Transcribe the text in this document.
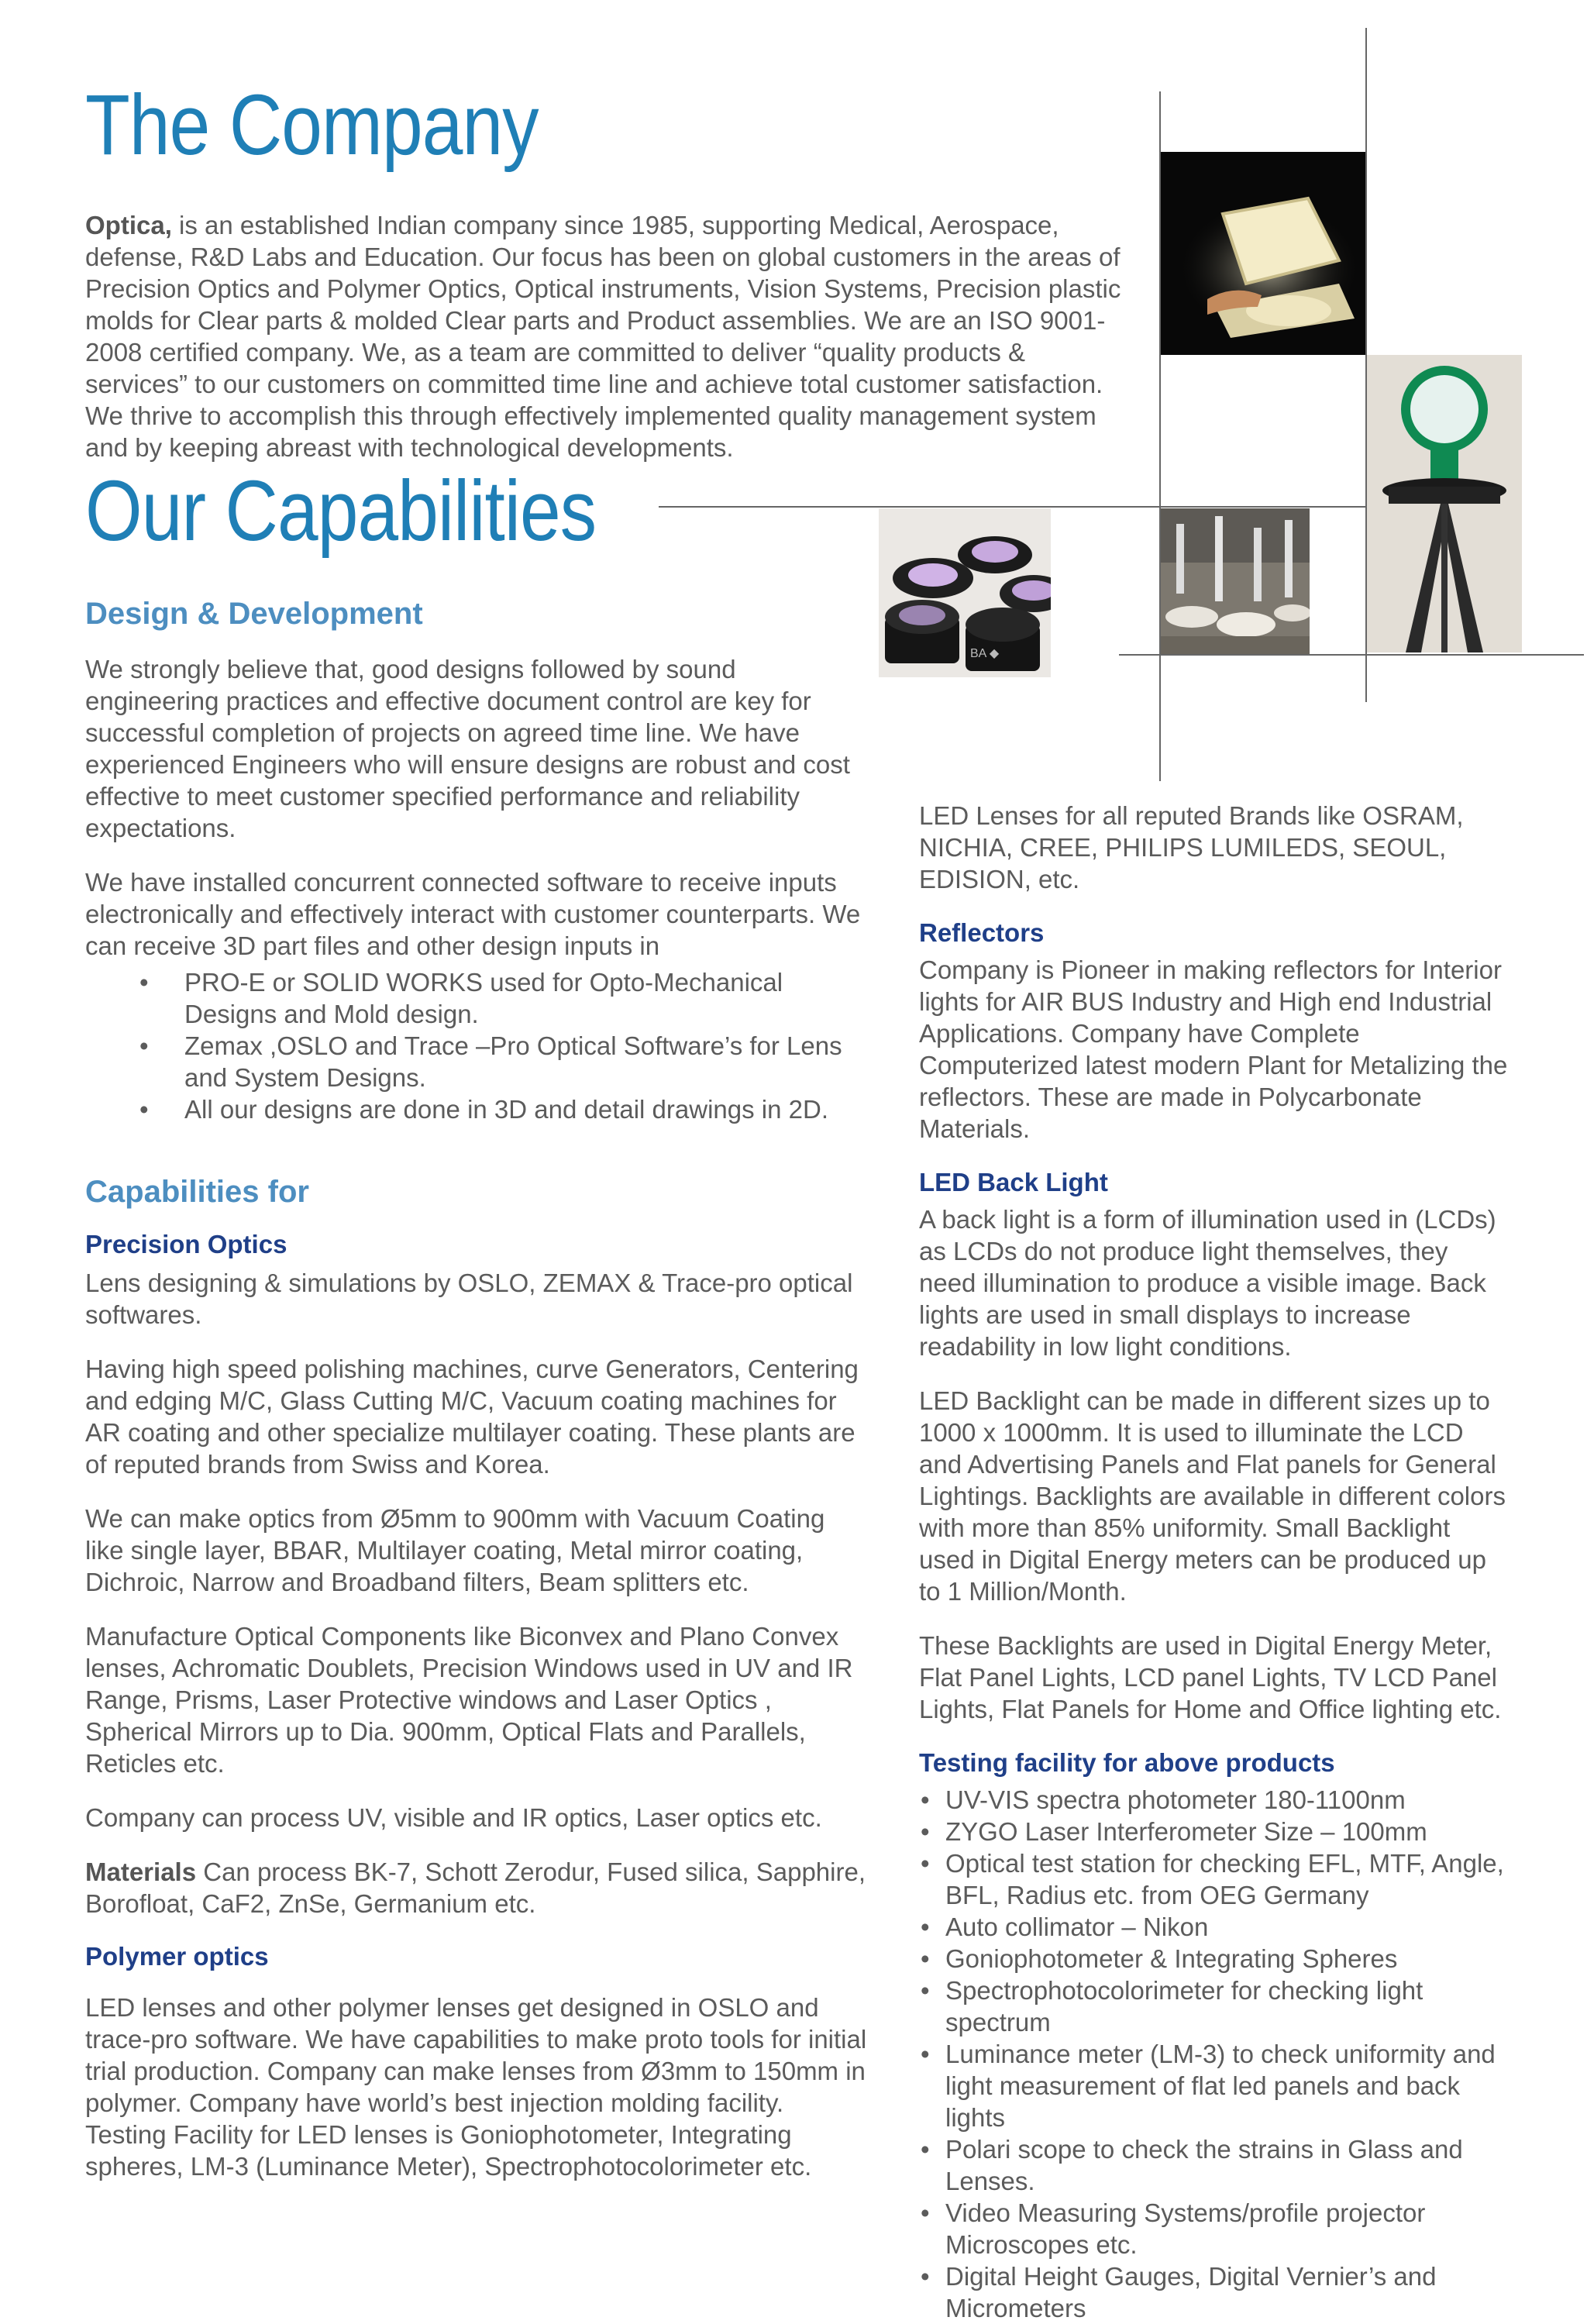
BA ◆
The Company

Optica, is an established Indian company since 1985, supporting Medical, Aerospace, defense, R&D Labs and Education. Our focus has been on global customers in the areas of Precision Optics and Polymer Optics, Optical instruments, Vision Systems, Precision plastic molds for Clear parts & molded Clear parts and Product assemblies. We are an ISO 9001-2008 certified company. We, as a team are committed to deliver “quality products & services” to our customers on committed time line and achieve total customer satisfaction. We thrive to accomplish this through effectively implemented quality management system and by keeping abreast with technological developments.

Our Capabilities
Design & Development

We strongly believe that, good designs followed by sound engineering practices and effective document control are key for successful completion of projects on agreed time line. We have experienced Engineers who will ensure designs are robust and cost effective to meet customer specified performance and reliability expectations.

We have installed concurrent connected software to receive inputs electronically and effectively interact with customer counterparts. We can receive 3D part files and other design inputs in

• PRO-E or SOLID WORKS used for Opto-Mechanical Designs and Mold design.
• Zemax ,OSLO and Trace –Pro Optical Software’s for Lens and System Designs.
• All our designs are done in 3D and detail drawings in 2D.
Capabilities for
Precision Optics

Lens designing & simulations by OSLO, ZEMAX & Trace-pro optical softwares.

Having high speed polishing machines, curve Generators, Centering and edging M/C, Glass Cutting M/C, Vacuum coating machines for AR coating and other specialize multilayer coating. These plants are of reputed brands from Swiss and Korea.

We can make optics from Ø5mm to 900mm with Vacuum Coating like single layer, BBAR, Multilayer coating, Metal mirror coating, Dichroic, Narrow and Broadband filters, Beam splitters etc.

Manufacture Optical Components like Biconvex and Plano Convex lenses, Achromatic Doublets, Precision Windows used in UV and IR Range, Prisms, Laser Protective windows and Laser Optics , Spherical Mirrors up to Dia. 900mm, Optical Flats and Parallels, Reticles etc.

Company can process UV, visible and IR optics, Laser optics etc.

Materials Can process BK-7, Schott Zerodur, Fused silica, Sapphire, Borofloat, CaF2, ZnSe, Germanium etc.

Polymer optics

LED lenses and other polymer lenses get designed in OSLO and trace-pro software. We have capabilities to make proto tools for initial trial production. Company can make lenses from Ø3mm to 150mm in polymer. Company have world’s best injection molding facility. Testing Facility for LED lenses is Goniophotometer, Integrating spheres, LM-3 (Luminance Meter), Spectrophotocolorimeter etc.

LED Lenses for all reputed Brands like OSRAM, NICHIA, CREE, PHILIPS LUMILEDS, SEOUL, EDISION, etc.

Reflectors

Company is Pioneer in making reflectors for Interior lights for AIR BUS Industry and High end Industrial Applications. Company have Complete Computerized latest modern Plant for Metalizing the reflectors. These are made in Polycarbonate Materials.

LED Back Light

A back light is a form of illumination used in (LCDs) as LCDs do not produce light themselves, they need illumination to produce a visible image. Back lights are used in small displays to increase readability in low light conditions.

LED Backlight can be made in different sizes up to 1000 x 1000mm. It is used to illuminate the LCD and Advertising Panels and Flat panels for General Lightings. Backlights are available in different colors with more than 85% uniformity. Small Backlight used in Digital Energy meters can be produced up to 1 Million/Month.

These Backlights are used in Digital Energy Meter, Flat Panel Lights, LCD panel Lights, TV LCD Panel Lights, Flat Panels for Home and Office lighting etc.

Testing facility for above products
• UV-VIS spectra photometer 180-1100nm
• ZYGO Laser Interferometer Size – 100mm
• Optical test station for checking EFL, MTF, Angle, BFL, Radius etc. from OEG Germany
• Auto collimator – Nikon
• Goniophotometer & Integrating Spheres
• Spectrophotocolorimeter for checking light spectrum
• Luminance meter (LM-3) to check uniformity and light measurement of flat led panels and back lights
• Polari scope to check the strains in Glass and Lenses.
• Video Measuring Systems/profile projector Microscopes etc.
• Digital Height Gauges, Digital Vernier’s and Micrometers
